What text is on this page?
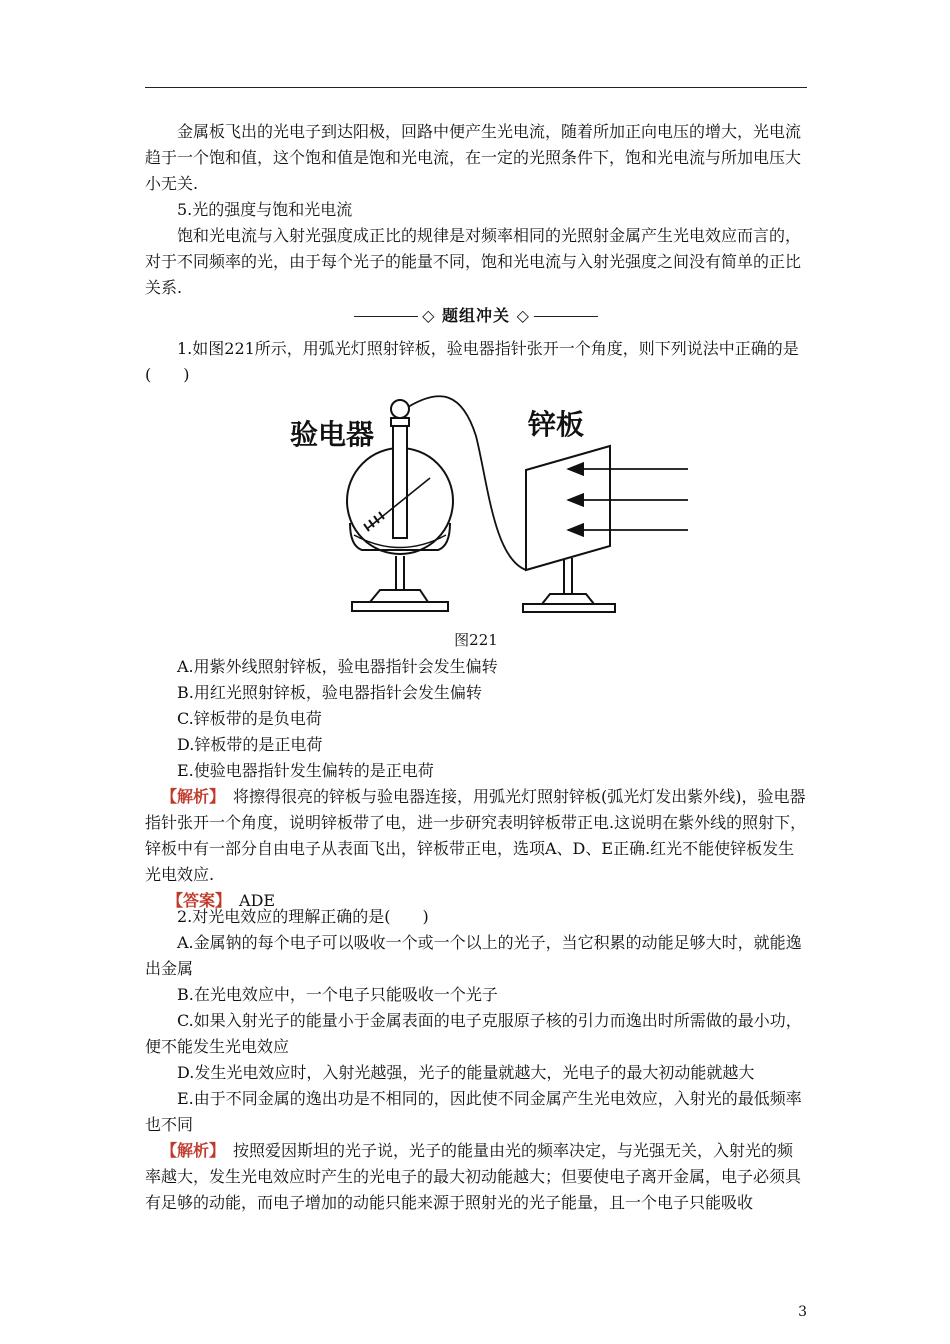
金属板飞出的光电子到达阳极，回路中便产生光电流，随着所加正向电压的增大，光电流趋于一个饱和值，这个饱和值是饱和光电流，在一定的光照条件下，饱和光电流与所加电压大小无关.

5.光的强度与饱和光电流

饱和光电流与入射光强度成正比的规律是对频率相同的光照射金属产生光电效应而言的，对于不同频率的光，由于每个光子的能量不同，饱和光电流与入射光强度之间没有简单的正比关系.

◇ 题组冲关 ◇

1.如图221所示，用弧光灯照射锌板，验电器指针张开一个角度，则下列说法中正确的是　(　　)

验电器	锌板
图221

A.用紫外线照射锌板，验电器指针会发生偏转

B.用红光照射锌板，验电器指针会发生偏转

C.锌板带的是负电荷

D.锌板带的是正电荷

E.使验电器指针发生偏转的是正电荷

【解析】　将擦得很亮的锌板与验电器连接，用弧光灯照射锌板(弧光灯发出紫外线)，验电器指针张开一个角度，说明锌板带了电，进一步研究表明锌板带正电.这说明在紫外线的照射下，锌板中有一部分自由电子从表面飞出，锌板带正电，选项A、D、E正确.红光不能使锌板发生光电效应.

【答案】　ADE

2.对光电效应的理解正确的是(　　)

A.金属钠的每个电子可以吸收一个或一个以上的光子，当它积累的动能足够大时，就能逸出金属

B.在光电效应中，一个电子只能吸收一个光子

C.如果入射光子的能量小于金属表面的电子克服原子核的引力而逸出时所需做的最小功，便不能发生光电效应

D.发生光电效应时，入射光越强，光子的能量就越大，光电子的最大初动能就越大

E.由于不同金属的逸出功是不相同的，因此使不同金属产生光电效应，入射光的最低频率也不同

【解析】　按照爱因斯坦的光子说，光子的能量由光的频率决定，与光强无关，入射光的频率越大，发生光电效应时产生的光电子的最大初动能越大；但要使电子离开金属，电子必须具有足够的动能，而电子增加的动能只能来源于照射光的光子能量，且一个电子只能吸收

3
